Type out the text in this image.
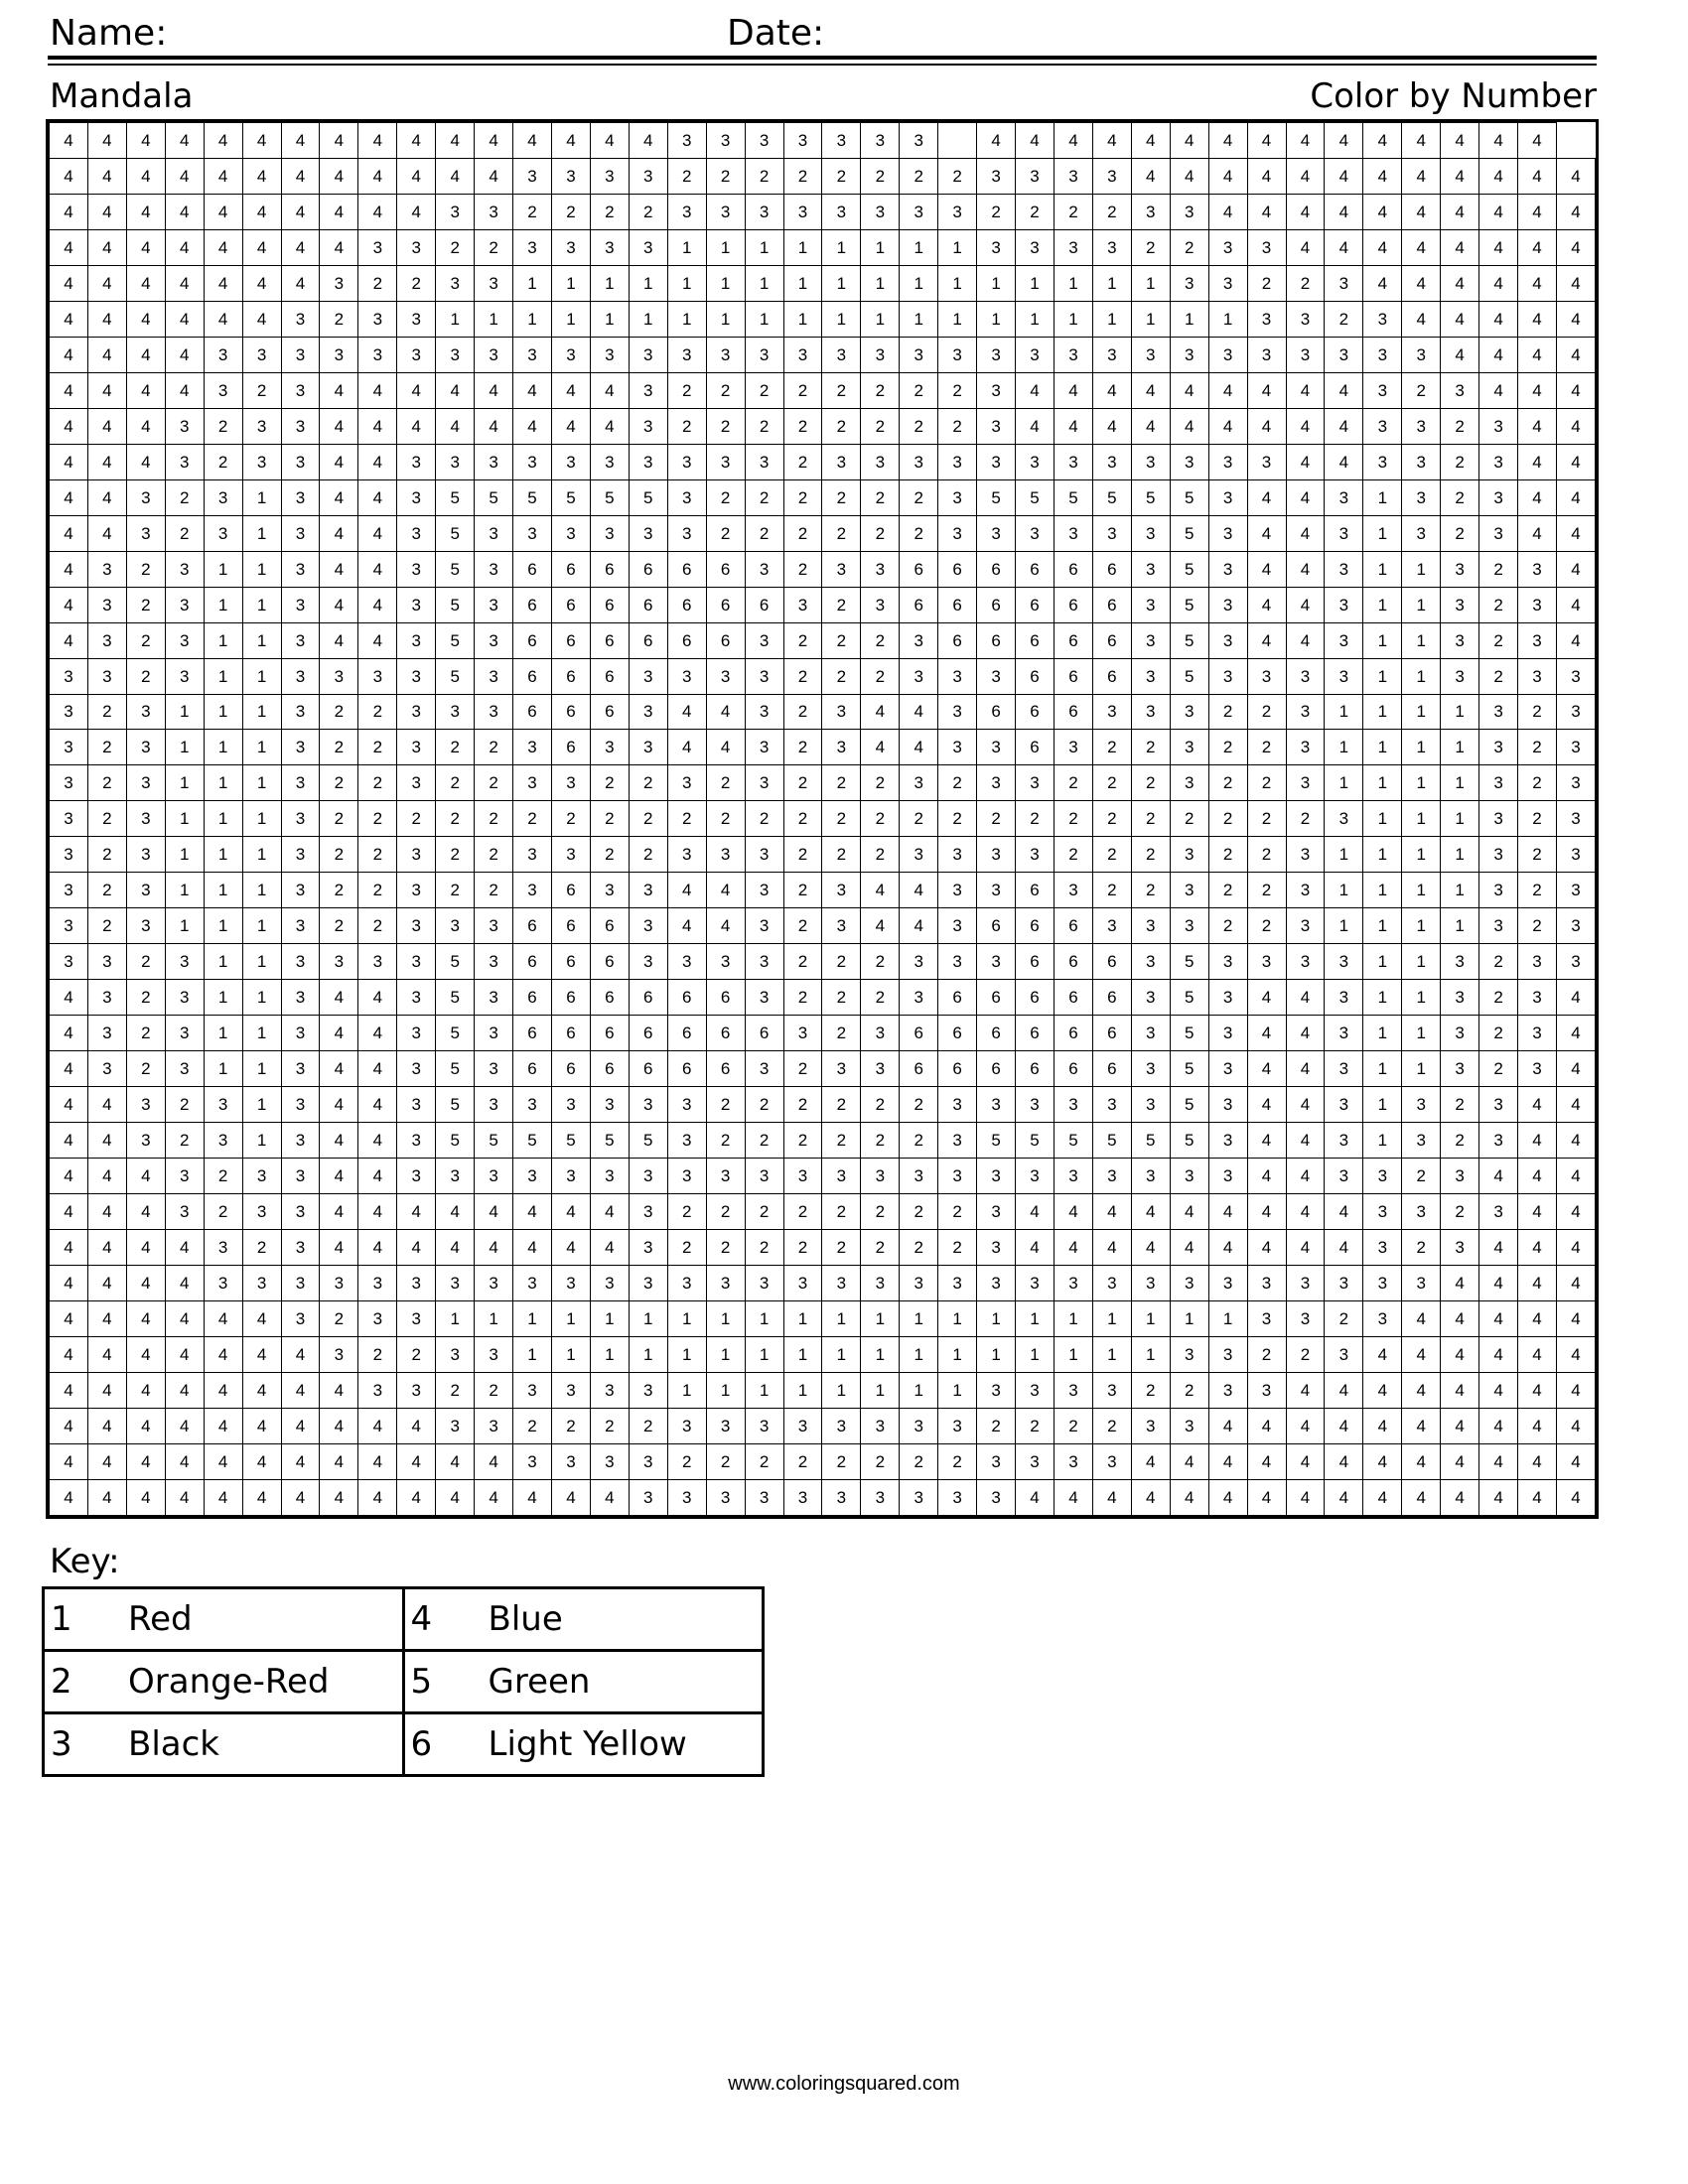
Name:	Date:
Mandala	Color by Number
4	4	4	4	4	4	4	4	4	4	4	4	4	4	4	4	3	3	3	3	3	3	3		4	4	4	4	4	4	4	4	4	4	4	4	4	4	4	
4	4	4	4	4	4	4	4	4	4	4	4	3	3	3	3	2	2	2	2	2	2	2	2	3	3	3	3	4	4	4	4	4	4	4	4	4	4	4	4
4	4	4	4	4	4	4	4	4	4	3	3	2	2	2	2	3	3	3	3	3	3	3	3	2	2	2	2	3	3	4	4	4	4	4	4	4	4	4	4
4	4	4	4	4	4	4	4	3	3	2	2	3	3	3	3	1	1	1	1	1	1	1	1	3	3	3	3	2	2	3	3	4	4	4	4	4	4	4	4
4	4	4	4	4	4	4	3	2	2	3	3	1	1	1	1	1	1	1	1	1	1	1	1	1	1	1	1	1	3	3	2	2	3	4	4	4	4	4	4
4	4	4	4	4	4	3	2	3	3	1	1	1	1	1	1	1	1	1	1	1	1	1	1	1	1	1	1	1	1	1	3	3	2	3	4	4	4	4	4
4	4	4	4	3	3	3	3	3	3	3	3	3	3	3	3	3	3	3	3	3	3	3	3	3	3	3	3	3	3	3	3	3	3	3	3	4	4	4	4
4	4	4	4	3	2	3	4	4	4	4	4	4	4	4	3	2	2	2	2	2	2	2	2	3	4	4	4	4	4	4	4	4	4	3	2	3	4	4	4
4	4	4	3	2	3	3	4	4	4	4	4	4	4	4	3	2	2	2	2	2	2	2	2	3	4	4	4	4	4	4	4	4	4	3	3	2	3	4	4
4	4	4	3	2	3	3	4	4	3	3	3	3	3	3	3	3	3	3	2	3	3	3	3	3	3	3	3	3	3	3	3	4	4	3	3	2	3	4	4
4	4	3	2	3	1	3	4	4	3	5	5	5	5	5	5	3	2	2	2	2	2	2	3	5	5	5	5	5	5	3	4	4	3	1	3	2	3	4	4
4	4	3	2	3	1	3	4	4	3	5	3	3	3	3	3	3	2	2	2	2	2	2	3	3	3	3	3	3	5	3	4	4	3	1	3	2	3	4	4
4	3	2	3	1	1	3	4	4	3	5	3	6	6	6	6	6	6	3	2	3	3	6	6	6	6	6	6	3	5	3	4	4	3	1	1	3	2	3	4
4	3	2	3	1	1	3	4	4	3	5	3	6	6	6	6	6	6	6	3	2	3	6	6	6	6	6	6	3	5	3	4	4	3	1	1	3	2	3	4
4	3	2	3	1	1	3	4	4	3	5	3	6	6	6	6	6	6	3	2	2	2	3	6	6	6	6	6	3	5	3	4	4	3	1	1	3	2	3	4
3	3	2	3	1	1	3	3	3	3	5	3	6	6	6	3	3	3	3	2	2	2	3	3	3	6	6	6	3	5	3	3	3	3	1	1	3	2	3	3
3	2	3	1	1	1	3	2	2	3	3	3	6	6	6	3	4	4	3	2	3	4	4	3	6	6	6	3	3	3	2	2	3	1	1	1	1	3	2	3
3	2	3	1	1	1	3	2	2	3	2	2	3	6	3	3	4	4	3	2	3	4	4	3	3	6	3	2	2	3	2	2	3	1	1	1	1	3	2	3
3	2	3	1	1	1	3	2	2	3	2	2	3	3	2	2	3	2	3	2	2	2	3	2	3	3	2	2	2	3	2	2	3	1	1	1	1	3	2	3
3	2	3	1	1	1	3	2	2	2	2	2	2	2	2	2	2	2	2	2	2	2	2	2	2	2	2	2	2	2	2	2	2	3	1	1	1	3	2	3
3	2	3	1	1	1	3	2	2	3	2	2	3	3	2	2	3	3	3	2	2	2	3	3	3	3	2	2	2	3	2	2	3	1	1	1	1	3	2	3
3	2	3	1	1	1	3	2	2	3	2	2	3	6	3	3	4	4	3	2	3	4	4	3	3	6	3	2	2	3	2	2	3	1	1	1	1	3	2	3
3	2	3	1	1	1	3	2	2	3	3	3	6	6	6	3	4	4	3	2	3	4	4	3	6	6	6	3	3	3	2	2	3	1	1	1	1	3	2	3
3	3	2	3	1	1	3	3	3	3	5	3	6	6	6	3	3	3	3	2	2	2	3	3	3	6	6	6	3	5	3	3	3	3	1	1	3	2	3	3
4	3	2	3	1	1	3	4	4	3	5	3	6	6	6	6	6	6	3	2	2	2	3	6	6	6	6	6	3	5	3	4	4	3	1	1	3	2	3	4
4	3	2	3	1	1	3	4	4	3	5	3	6	6	6	6	6	6	6	3	2	3	6	6	6	6	6	6	3	5	3	4	4	3	1	1	3	2	3	4
4	3	2	3	1	1	3	4	4	3	5	3	6	6	6	6	6	6	3	2	3	3	6	6	6	6	6	6	3	5	3	4	4	3	1	1	3	2	3	4
4	4	3	2	3	1	3	4	4	3	5	3	3	3	3	3	3	2	2	2	2	2	2	3	3	3	3	3	3	5	3	4	4	3	1	3	2	3	4	4
4	4	3	2	3	1	3	4	4	3	5	5	5	5	5	5	3	2	2	2	2	2	2	3	5	5	5	5	5	5	3	4	4	3	1	3	2	3	4	4
4	4	4	3	2	3	3	4	4	3	3	3	3	3	3	3	3	3	3	3	3	3	3	3	3	3	3	3	3	3	3	4	4	3	3	2	3	4	4	4
4	4	4	3	2	3	3	4	4	4	4	4	4	4	4	3	2	2	2	2	2	2	2	2	3	4	4	4	4	4	4	4	4	4	3	3	2	3	4	4
4	4	4	4	3	2	3	4	4	4	4	4	4	4	4	3	2	2	2	2	2	2	2	2	3	4	4	4	4	4	4	4	4	4	3	2	3	4	4	4
4	4	4	4	3	3	3	3	3	3	3	3	3	3	3	3	3	3	3	3	3	3	3	3	3	3	3	3	3	3	3	3	3	3	3	3	4	4	4	4
4	4	4	4	4	4	3	2	3	3	1	1	1	1	1	1	1	1	1	1	1	1	1	1	1	1	1	1	1	1	1	3	3	2	3	4	4	4	4	4
4	4	4	4	4	4	4	3	2	2	3	3	1	1	1	1	1	1	1	1	1	1	1	1	1	1	1	1	1	3	3	2	2	3	4	4	4	4	4	4
4	4	4	4	4	4	4	4	3	3	2	2	3	3	3	3	1	1	1	1	1	1	1	1	3	3	3	3	2	2	3	3	4	4	4	4	4	4	4	4
4	4	4	4	4	4	4	4	4	4	3	3	2	2	2	2	3	3	3	3	3	3	3	3	2	2	2	2	3	3	4	4	4	4	4	4	4	4	4	4
4	4	4	4	4	4	4	4	4	4	4	4	3	3	3	3	2	2	2	2	2	2	2	2	3	3	3	3	4	4	4	4	4	4	4	4	4	4	4	4
4	4	4	4	4	4	4	4	4	4	4	4	4	4	4	3	3	3	3	3	3	3	3	3	3	4	4	4	4	4	4	4	4	4	4	4	4	4	4	4
Key:
1 Red	4 Blue
2 Orange-Red	5 Green
3 Black	6 Light Yellow
www.coloringsquared.com
